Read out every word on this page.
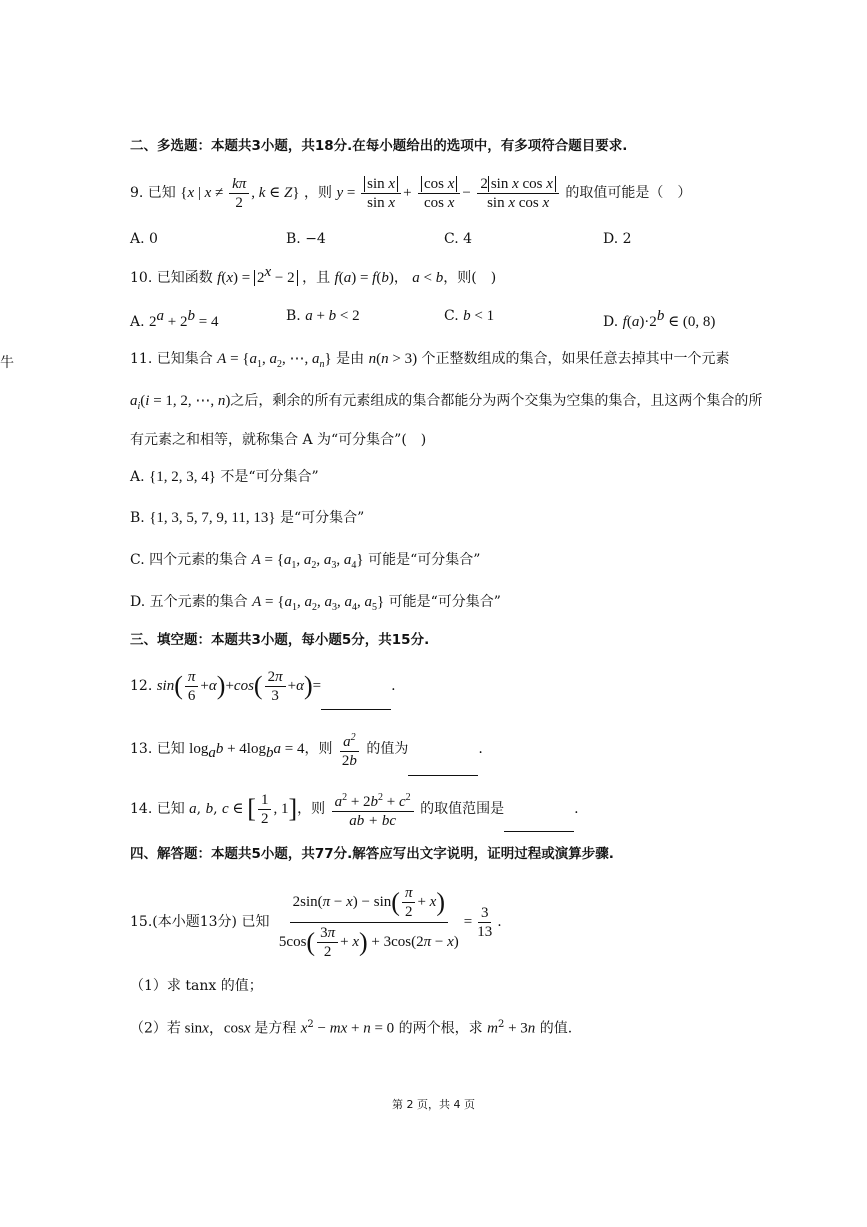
牛
二、多选题：本题共3小题，共18分.在每小题给出的选项中，有多项符合题目要求.
9. 已知 {x | $x \ne \frac{k\pi}{2}$ , k ∈ Z} ，则 $y = \frac{\text{sin x}}{\text{sin x}} + \frac{\text{cos x}}{\text{cos x}} - \frac{\text{2 sin x cos x}}{\text{sin x cos x}}$ 的取值可能是（　）
A. 0	B. −4	C. 4	D. 2
10. 已知函数 $f(x) = 2^x - 2$ ，且 f(a) = f(b)， a < b，则(　)
A. $2^a + 2^b = 4$	B. a + b < 2	C. b < 1	D. $f(a)\cdot 2^b$ ∈ (0, 8)
11. 已知集合 $A = \{a_1$, $a_2$, ⋯, $a_n$} 是由 n(n > 3) 个正整数组成的集合，如果任意去掉其中一个元素
$a_i(i = 1$, 2, ⋯, n)之后，剩余的所有元素组成的集合都能分为两个交集为空集的集合，且这两个集合的所
有元素之和相等，就称集合 A 为“可分集合”(　)
A. {1, 2, 3, 4} 不是“可分集合”
B. {1, 3, 5, 7, 9, 11, 13} 是“可分集合”
C. 四个元素的集合 $A = \{a_1$, $a_2$, $a_3$, $a_4$} 可能是“可分集合”
D. 五个元素的集合 $A = \{a_1$, $a_2$, $a_3$, $a_4$, $a_5$} 可能是“可分集合”
三、填空题：本题共3小题，每小题5分，共15分.
12. $\sin( \frac{\pi}{6} +\alpha)+\cos( \frac{2\pi}{3} +\alpha)=$	.
13. 已知 $\log_ab + 4\log_ba = 4$，则 $\frac{a^2}{2b}$ 的值为	.
14. 已知 a, b, c ∈ [ $\frac{1}{2}$ , 1]，则 $\frac{a^2 + 2b^2 + c^2}{ab + bc}$ 的取值范围是	.
四、解答题：本题共5小题，共77分.解答应写出文字说明，证明过程或演算步骤.
15.(本小题13分) 已知 $\frac{2\sin(\pi - x) - \sin( \frac{\pi}{2} + x)}{5\cos( \frac{3\pi}{2} + x) + 3\cos(2\pi - x)} = \frac{3}{13}$ .
（1）求 tanx 的值；
（2）若 sinx，cosx 是方程 $x^2$ − mx + n = 0 的两个根，求 $m^2 + 3n$ 的值.
第 2 页，共 4 页
